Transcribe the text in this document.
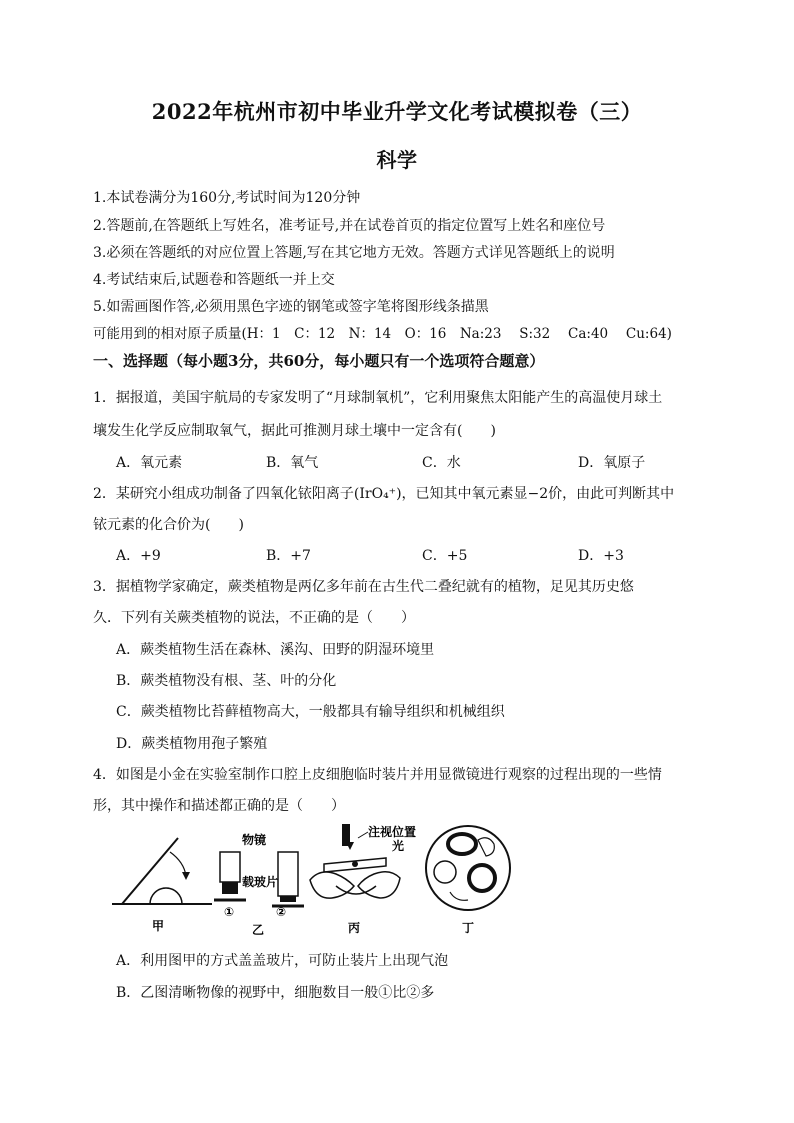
2022年杭州市初中毕业升学文化考试模拟卷（三）
科学
1.本试卷满分为160分,考试时间为120分钟
2.答题前,在答题纸上写姓名，准考证号,并在试卷首页的指定位置写上姓名和座位号
3.必须在答题纸的对应位置上答题,写在其它地方无效。答题方式详见答题纸上的说明
4.考试结束后,试题卷和答题纸一并上交
5.如需画图作答,必须用黑色字迹的钢笔或签字笔将图形线条描黑
可能用到的相对原子质量(H：1　C：12　N：14　O：16　Na:23　 S:32　 Ca:40　 Cu:64)
一、选择题（每小题3分，共60分，每小题只有一个选项符合题意）
1．据报道，美国宇航局的专家发明了“月球制氧机”，它利用聚焦太阳能产生的高温使月球土
壤发生化学反应制取氧气，据此可推测月球土壤中一定含有(　　)
A．氧元素	B．氧气	C．水	D．氧原子
2．某研究小组成功制备了四氧化铱阳离子(IrO₄⁺)，已知其中氧元素显−2价，由此可判断其中
铱元素的化合价为(　　)
A．+9	B．+7	C．+5	D．+3
3．据植物学家确定，蕨类植物是两亿多年前在古生代二叠纪就有的植物，足见其历史悠
久．下列有关蕨类植物的说法，不正确的是（　　）
A．蕨类植物生活在森林、溪沟、田野的阴湿环境里
B．蕨类植物没有根、茎、叶的分化
C．蕨类植物比苔藓植物高大，一般都具有输导组织和机械组织
D．蕨类植物用孢子繁殖
4．如图是小金在实验室制作口腔上皮细胞临时装片并用显微镜进行观察的过程出现的一些情
形，其中操作和描述都正确的是（　　）
甲
物镜
载玻片
①
乙
②
注视位置
光
丙	丁
A．利用图甲的方式盖盖玻片，可防止装片上出现气泡
B．乙图清晰物像的视野中，细胞数目一般①比②多
